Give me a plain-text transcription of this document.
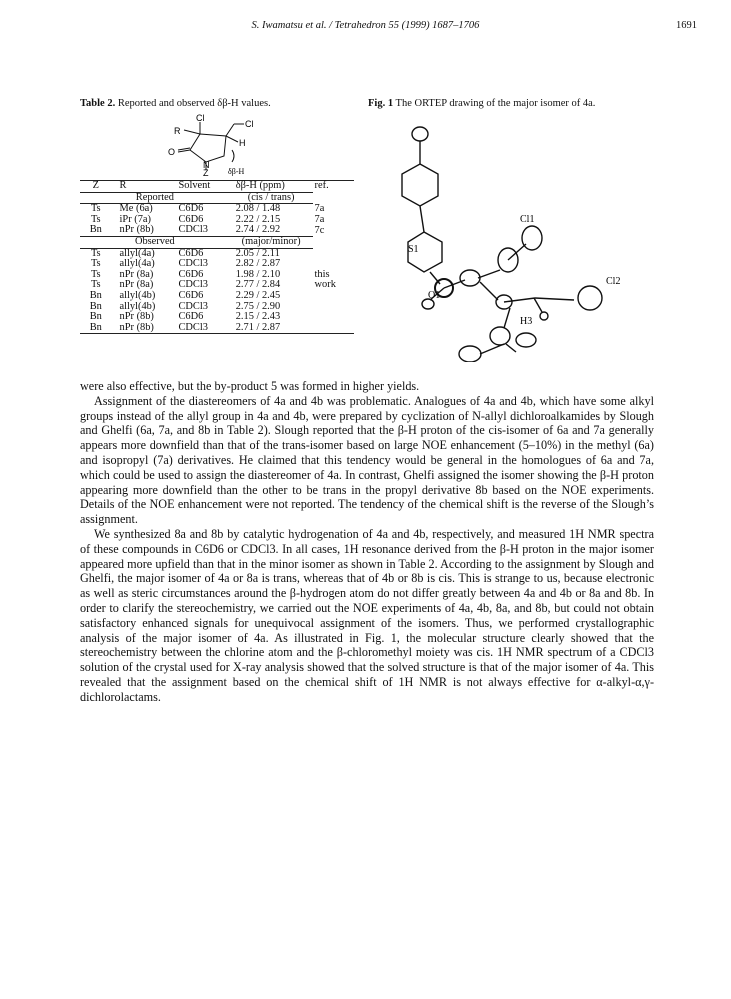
S. Iwamatsu et al. / Tetrahedron 55 (1999) 1687–1706	1691
Table 2. Reported and observed δβ-H values.
Cl
Cl
R
H
O
N
Z δβ-H
Z	R	Solvent	δβ-H (ppm)	ref.
Reported			(cis / trans)	
Ts	Me (6a)	C6D6	2.08 / 1.48	7a
Ts	iPr (7a)	C6D6	2.22 / 2.15	7a
Bn	nPr (8b)	CDCl3	2.74 / 2.92	7c
Observed			(major/minor)	
Ts	allyl(4a)	C6D6	2.05 / 2.11	
Ts	allyl(4a)	CDCl3	2.82 / 2.87	
Ts	nPr (8a)	C6D6	1.98 / 2.10	this
Ts	nPr (8a)	CDCl3	2.77 / 2.84	work
Bn	allyl(4b)	C6D6	2.29 / 2.45	
Bn	allyl(4b)	CDCl3	2.75 / 2.90	
Bn	nPr (8b)	C6D6	2.15 / 2.43	
Bn	nPr (8b)	CDCl3	2.71 / 2.87	
Fig. 1 The ORTEP drawing of the major isomer of 4a.
S1
Cl1
Cl2
O1
H3

were also effective, but the by-product 5 was formed in higher yields.

Assignment of the diastereomers of 4a and 4b was problematic. Analogues of 4a and 4b, which have some alkyl groups instead of the allyl group in 4a and 4b, were prepared by cyclization of N-allyl dichloroalkamides by Slough and Ghelfi (6a, 7a, and 8b in Table 2). Slough reported that the β-H proton of the cis-isomer of 6a and 7a generally appears more downfield than that of the trans-isomer based on large NOE enhancement (5–10%) in the methyl (6a) and isopropyl (7a) derivatives. He claimed that this tendency would be general in the homologues of 6a and 7a, which could be used to assign the diastereomer of 4a. In contrast, Ghelfi assigned the isomer showing the β-H proton appearing more downfield than the other to be trans in the propyl derivative 8b based on the NOE experiments. Details of the NOE enhancement were not reported. The tendency of the chemical shift is the reverse of the Slough’s assignment.

We synthesized 8a and 8b by catalytic hydrogenation of 4a and 4b, respectively, and measured 1H NMR spectra of these compounds in C6D6 or CDCl3. In all cases, 1H resonance derived from the β-H proton in the major isomer appeared more upfield than that in the minor isomer as shown in Table 2. According to the assignment by Slough and Ghelfi, the major isomer of 4a or 8a is trans, whereas that of 4b or 8b is cis. This is strange to us, because electronic as well as steric circumstances around the β-hydrogen atom do not differ greatly between 4a and 4b or 8a and 8b. In order to clarify the stereochemistry, we carried out the NOE experiments of 4a, 4b, 8a, and 8b, but could not obtain satisfactory enhanced signals for unequivocal assignment of the isomers. Thus, we performed crystallographic analysis of the major isomer of 4a. As illustrated in Fig. 1, the molecular structure clearly showed that the stereochemistry between the chlorine atom and the β-chloromethyl moiety was cis. 1H NMR spectrum of a CDCl3 solution of the crystal used for X-ray analysis showed that the solved structure is that of the major isomer of 4a. This revealed that the assignment based on the chemical shift of 1H NMR is not always effective for α-alkyl-α,γ-dichlorolactams.
